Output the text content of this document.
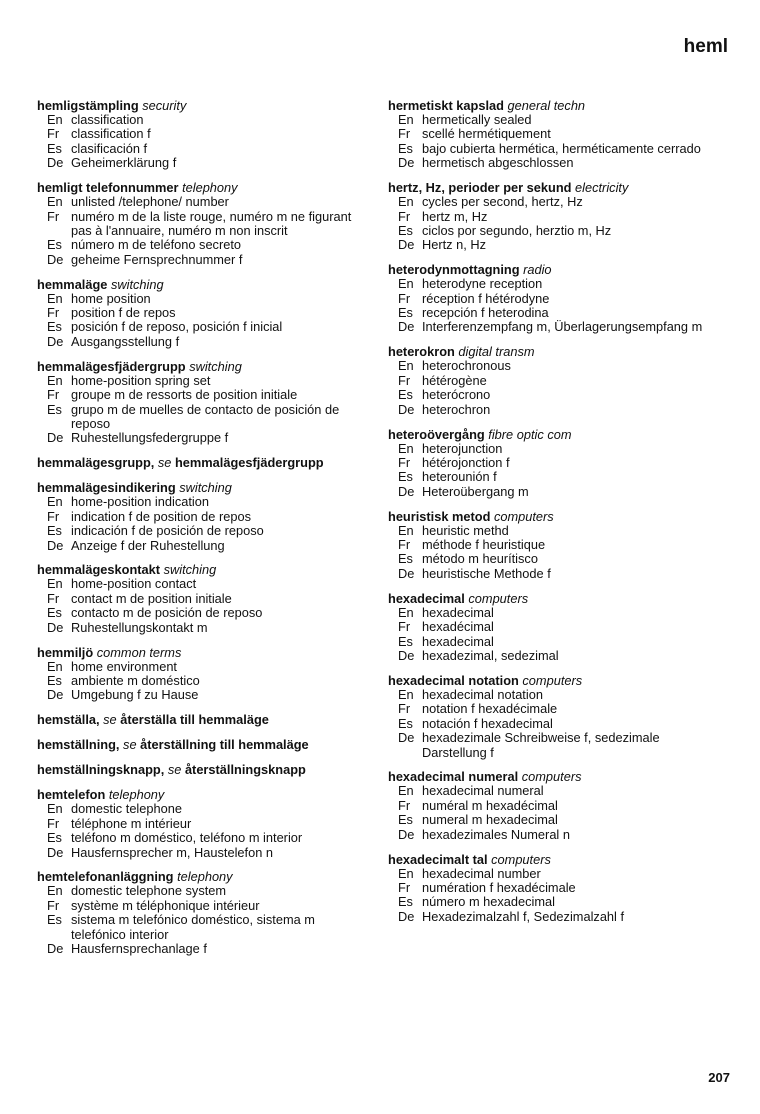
heml
hemligstämpling security
En classification
Fr classification f
Es clasificación f
De Geheimerklärung f
hemligt telefonnummer telephony
En unlisted /telephone/ number
Fr numéro m de la liste rouge, numéro m ne figurant pas à l'annuaire, numéro m non inscrit
Es número m de teléfono secreto
De geheime Fernsprechnummer f
hemmaläge switching
En home position
Fr position f de repos
Es posición f de reposo, posición f inicial
De Ausgangsstellung f
hemmalägesfjädergrupp switching
En home-position spring set
Fr groupe m de ressorts de position initiale
Es grupo m de muelles de contacto de posición de reposo
De Ruhestellungsfedergruppe f
hemmalägesgrupp, se hemmalägesfjädergrupp
hemmalägesindikering switching
En home-position indication
Fr indication f de position de repos
Es indicación f de posición de reposo
De Anzeige f der Ruhestellung
hemmalägeskontakt switching
En home-position contact
Fr contact m de position initiale
Es contacto m de posición de reposo
De Ruhestellungskontakt m
hemmiljö common terms
En home environment
Es ambiente m doméstico
De Umgebung f zu Hause
hemställa, se återställa till hemmaläge
hemställning, se återställning till hemmaläge
hemställningsknapp, se återställningsknapp
hemtelefon telephony
En domestic telephone
Fr téléphone m intérieur
Es teléfono m doméstico, teléfono m interior
De Hausfernsprecher m, Haustelefon n
hemtelefonanläggning telephony
En domestic telephone system
Fr système m téléphonique intérieur
Es sistema m telefónico doméstico, sistema m telefónico interior
De Hausfernsprechanlage f
hermetiskt kapslad general techn
En hermetically sealed
Fr scellé hermétiquement
Es bajo cubierta hermética, herméticamente cerrado
De hermetisch abgeschlossen
hertz, Hz, perioder per sekund electricity
En cycles per second, hertz, Hz
Fr hertz m, Hz
Es ciclos por segundo, herztio m, Hz
De Hertz n, Hz
heterodynmottagning radio
En heterodyne reception
Fr réception f hétérodyne
Es recepción f heterodina
De Interferenzempfang m, Überlagerungsempfang m
heterokron digital transm
En heterochronous
Fr hétérogène
Es heterócrono
De heterochron
heteroövergång fibre optic com
En heterojunction
Fr hétérojonction f
Es heterounión f
De Heteroübergang m
heuristisk metod computers
En heuristic methd
Fr méthode f heuristique
Es método m heurítisco
De heuristische Methode f
hexadecimal computers
En hexadecimal
Fr hexadécimal
Es hexadecimal
De hexadezimal, sedezimal
hexadecimal notation computers
En hexadecimal notation
Fr notation f hexadécimale
Es notación f hexadecimal
De hexadezimale Schreibweise f, sedezimale Darstellung f
hexadecimal numeral computers
En hexadecimal numeral
Fr numéral m hexadécimal
Es numeral m hexadecimal
De hexadezimales Numeral n
hexadecimalt tal computers
En hexadecimal number
Fr numération f hexadécimale
Es número m hexadecimal
De Hexadezimalzahl f, Sedezimalzahl f
207
